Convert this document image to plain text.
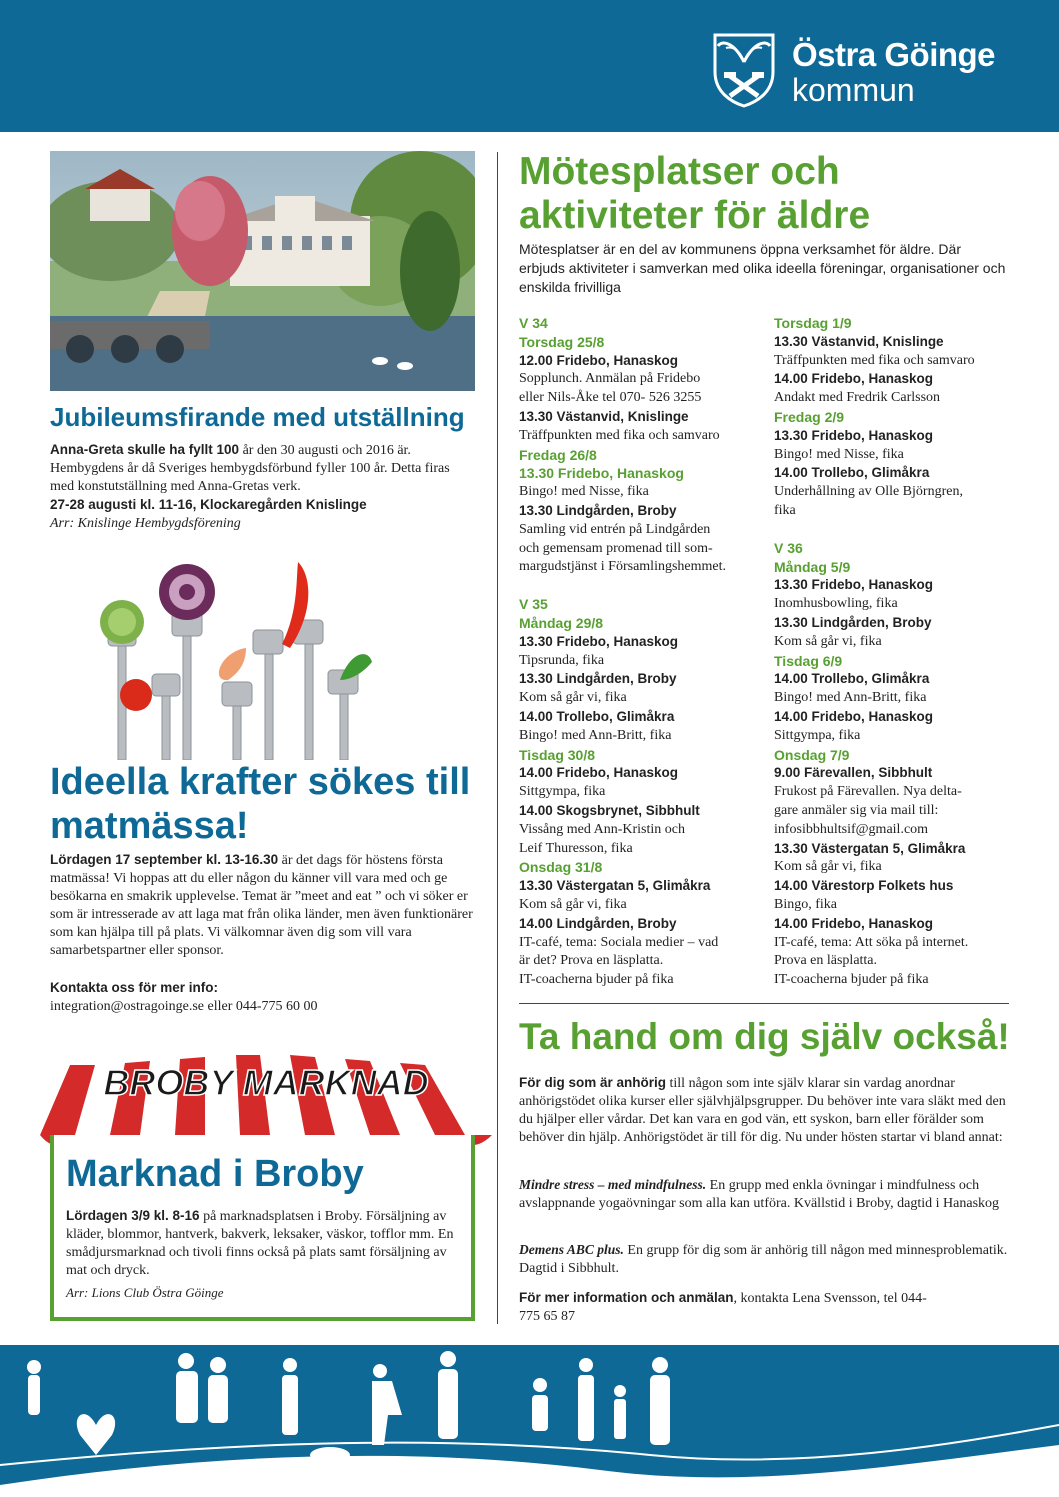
Östra Göinge
kommun
Jubileumsfirande med utställning
Anna-Greta skulle ha fyllt 100 år den 30 augusti och 2016 är. Hembygdens år då Sveriges hembygdsförbund fyller 100 år. Detta firas med konstutställning med Anna-Gretas verk.
27-28 augusti kl. 11-16, Klockaregården Knislinge
Arr: Knislinge Hembygdsförening
Ideella krafter sökes till matmässa!
Lördagen 17 september kl. 13-16.30 är det dags för höstens första matmässa! Vi hoppas att du eller någon du känner vill vara med och ge besökarna en smakrik upplevelse. Temat är ”meet and eat ” och vi söker er som är intresserade av att laga mat från olika länder, men även funktionärer som kan hjälpa till på plats. Vi välkomnar även dig som vill vara samarbetspartner eller sponsor.
Kontakta oss för mer info:
integration@ostragoinge.se eller 044-775 60 00
BROBY MARKNAD
Marknad i Broby
Lördagen 3/9 kl. 8-16 på marknadsplatsen i Broby. Försäljning av kläder, blommor, hantverk, bakverk, leksaker, väskor, tofflor mm. En smådjursmarknad och tivoli finns också på plats samt försäljning av mat och dryck.
Arr: Lions Club Östra Göinge
Mötesplatser och aktiviteter för äldre
Mötesplatser är en del av kommunens öppna verksamhet för äldre. Där erbjuds aktiviteter i samverkan med olika ideella föreningar, organisationer och enskilda frivilliga
V 34
Torsdag 25/8
12.00 Fridebo, Hanaskog
Sopplunch. Anmälan på Fridebo
eller Nils-Åke tel 070- 526 3255
13.30 Västanvid, Knislinge
Träffpunkten med fika och samvaro
Fredag 26/8
13.30 Fridebo, Hanaskog
Bingo! med Nisse, fika
13.30 Lindgården, Broby
Samling vid entrén på Lindgården
och gemensam promenad till som-
margudstjänst i Församlingshemmet.
V 35
Måndag 29/8
13.30 Fridebo, Hanaskog
Tipsrunda, fika
13.30 Lindgården, Broby
Kom så går vi, fika
14.00 Trollebo, Glimåkra
Bingo! med Ann-Britt, fika
Tisdag 30/8
14.00 Fridebo, Hanaskog
Sittgympa, fika
14.00 Skogsbrynet, Sibbhult
Vissång med Ann-Kristin och
Leif Thuresson, fika
Onsdag 31/8
13.30 Västergatan 5, Glimåkra
Kom så går vi, fika
14.00 Lindgården, Broby
IT-café, tema: Sociala medier – vad
är det? Prova en läsplatta.
IT-coacherna bjuder på fika
Torsdag 1/9
13.30 Västanvid, Knislinge
Träffpunkten med fika och samvaro
14.00 Fridebo, Hanaskog
Andakt med Fredrik Carlsson
Fredag 2/9
13.30 Fridebo, Hanaskog
Bingo! med Nisse, fika
14.00 Trollebo, Glimåkra
Underhållning av Olle Björngren,
fika
V 36
Måndag 5/9
13.30 Fridebo, Hanaskog
Inomhusbowling, fika
13.30 Lindgården, Broby
Kom så går vi, fika
Tisdag 6/9
14.00 Trollebo, Glimåkra
Bingo! med Ann-Britt, fika
14.00 Fridebo, Hanaskog
Sittgympa, fika
Onsdag 7/9
9.00 Färevallen, Sibbhult
Frukost på Färevallen. Nya delta-
gare anmäler sig via mail till:
infosibbhultsif@gmail.com
13.30 Västergatan 5, Glimåkra
Kom så går vi, fika
14.00 Värestorp Folkets hus
Bingo, fika
14.00 Fridebo, Hanaskog
IT-café, tema: Att söka på internet.
Prova en läsplatta.
IT-coacherna bjuder på fika
Ta hand om dig själv också!
För dig som är anhörig till någon som inte själv klarar sin vardag anordnar anhörigstödet olika kurser eller självhjälpsgrupper. Du behöver inte vara släkt med den du hjälper eller vårdar. Det kan vara en god vän, ett syskon, barn eller förälder som behöver din hjälp. Anhörigstödet är till för dig. Nu under hösten startar vi bland annat:
Mindre stress – med mindfulness. En grupp med enkla övningar i mindfulness och avslappnande yogaövningar som alla kan utföra. Kvällstid i Broby, dagtid i Hanaskog
Demens ABC plus. En grupp för dig som är anhörig till någon med minnesproblematik. Dagtid i Sibbhult.
För mer information och anmälan, kontakta Lena Svensson, tel 044-775 65 87
www.ostragoinge.se
